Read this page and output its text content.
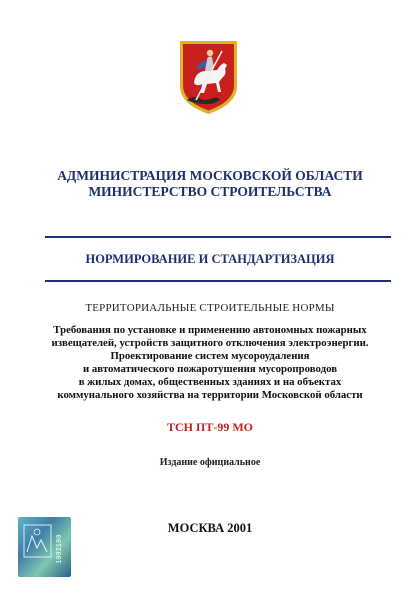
АДМИНИСТРАЦИЯ МОСКОВСКОЙ ОБЛАСТИ
МИНИСТЕРСТВО СТРОИТЕЛЬСТВА
НОРМИРОВАНИЕ И СТАНДАРТИЗАЦИЯ
ТЕРРИТОРИАЛЬНЫЕ СТРОИТЕЛЬНЫЕ НОРМЫ
Требования по установке и применению автономных пожарных
извещателей, устройств защитного отключения электроэнергии.
Проектирование систем мусороудаления
и автоматического пожаротушения мусоропроводов
в жилых домах, общественных зданиях и на объектах
коммунального хозяйства на территории Московской области
ТСН ПТ-99 МО
Издание официальное
МОСКВА 2001
1002180
